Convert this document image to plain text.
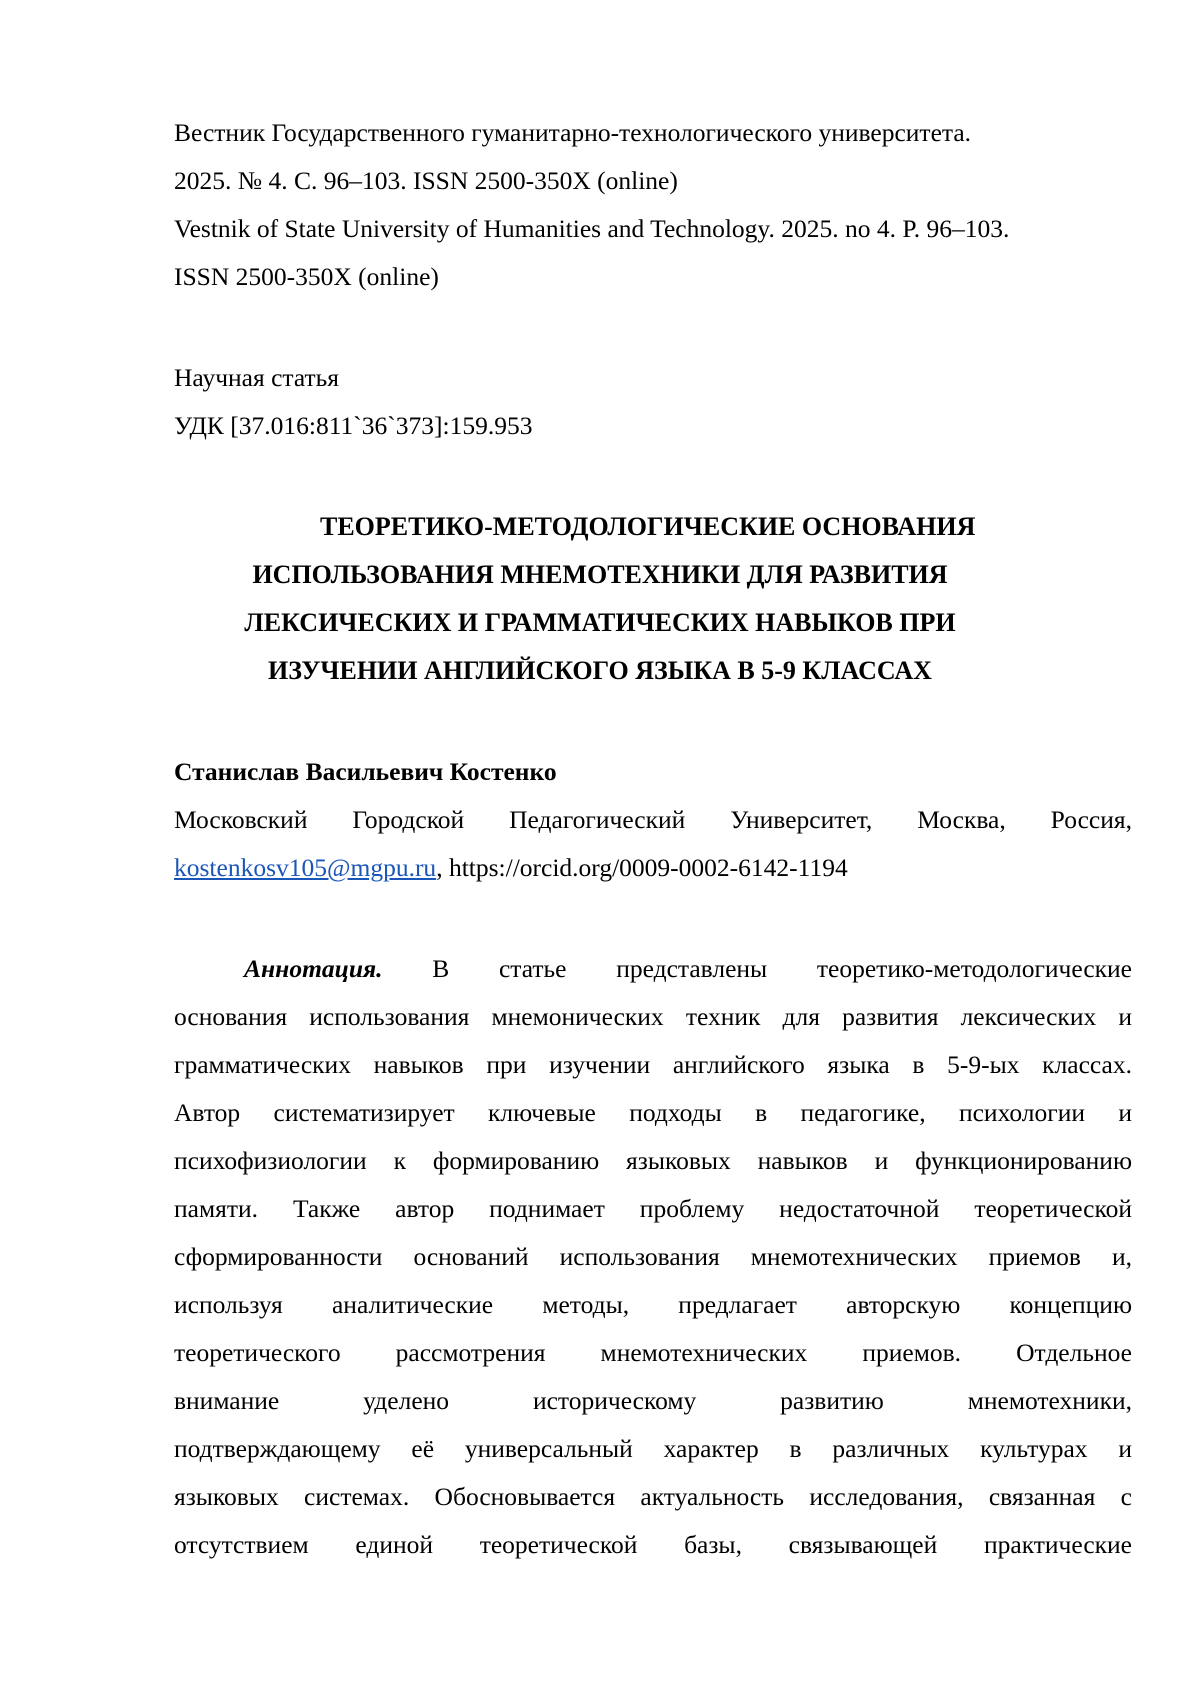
Вестник Государственного гуманитарно-технологического университета.
2025. № 4. С. 96–103. ISSN 2500-350X (online)
Vestnik of State University of Humanities and Technology. 2025. no 4. P. 96–103.
ISSN 2500-350X (online)
Научная статья
УДК [37.016:811`36`373]:159.953
ТЕОРЕТИКО-МЕТОДОЛОГИЧЕСКИЕ ОСНОВАНИЯ
ИСПОЛЬЗОВАНИЯ МНЕМОТЕХНИКИ ДЛЯ РАЗВИТИЯ
ЛЕКСИЧЕСКИХ И ГРАММАТИЧЕСКИХ НАВЫКОВ ПРИ
ИЗУЧЕНИИ АНГЛИЙСКОГО ЯЗЫКА В 5-9 КЛАССАХ
Станислав Васильевич Костенко
Московский Городской Педагогический Университет, Москва, Россия,
kostenkosv105@mgpu.ru, https://orcid.org/0009-0002-6142-1194
Аннотация. В статье представлены теоретико-методологические
основания использования мнемонических техник для развития лексических и
грамматических навыков при изучении английского языка в 5-9-ых классах.
Автор систематизирует ключевые подходы в педагогике, психологии и
психофизиологии к формированию языковых навыков и функционированию
памяти. Также автор поднимает проблему недостаточной теоретической
сформированности оснований использования мнемотехнических приемов и,
используя аналитические методы, предлагает авторскую концепцию
теоретического рассмотрения мнемотехнических приемов. Отдельное
внимание уделено историческому развитию мнемотехники,
подтверждающему её универсальный характер в различных культурах и
языковых системах. Обосновывается актуальность исследования, связанная с
отсутствием единой теоретической базы, связывающей практические
